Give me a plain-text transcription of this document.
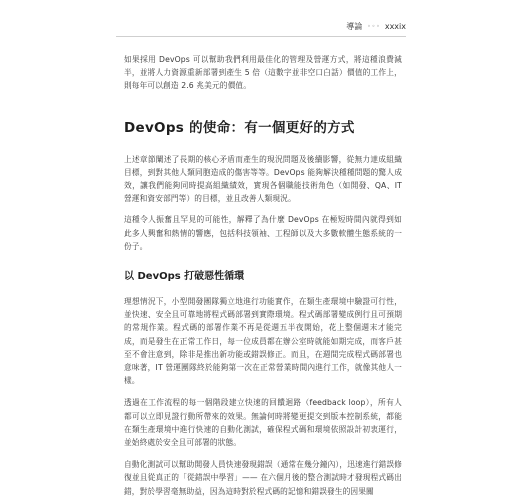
導論 ◦◦◦ xxxix

如果採用 DevOps 可以幫助我們利用最佳化的管理及營運方式，將這種浪費減半，並將人力資源重新部署到產生 5 倍（這數字並非空口白話）價值的工作上，則每年可以創造 2.6 兆美元的價值。

DevOps 的使命：有一個更好的方式

上述章節闡述了長期的核心矛盾而產生的現況問題及後續影響，從無力達成組織目標，到對其他人類同胞造成的傷害等等。DevOps 能夠解決種種問題的驚人成效，讓我們能夠同時提高組織績效，實現各個職能技術角色（如開發、QA、IT 營運和資安部門等）的目標，並且改善人類現況。

這種令人振奮且罕見的可能性，解釋了為什麼 DevOps 在極短時間內就得到如此多人興奮和熱情的響應，包括科技領袖、工程師以及大多數軟體生態系統的一份子。

以 DevOps 打破惡性循環

理想情況下，小型開發團隊獨立地進行功能實作，在類生產環境中驗證可行性，並快速、安全且可靠地將程式碼部署到實際環境。程式碼部署變成例行且可預期的常規作業。程式碼的部署作業不再是從週五半夜開始，花上整個週末才能完成，而是發生在正常工作日，每一位成員都在辦公室時就能如期完成，而客戶甚至不會注意到，除非是推出新功能或錯誤修正。而且，在週間完成程式碼部署也意味著，IT 營運團隊終於能夠第一次在正常營業時間內進行工作，就像其他人一樣。

透過在工作流程的每一個階段建立快速的回饋迴路（feedback loop），所有人都可以立即見證行動所帶來的效果。無論何時將變更提交到版本控制系統，都能在類生產環境中進行快速的自動化測試，確保程式碼和環境依照設計初衷運行，並始終處於安全且可部署的狀態。

自動化測試可以幫助開發人員快速發現錯誤（通常在幾分鐘內），迅速進行錯誤修復並且從真正的「從錯誤中學習」—— 在六個月後的整合測試時才發現程式碼出錯，對於學習毫無助益，因為這時對於程式碼的記憶和錯誤發生的因果關
